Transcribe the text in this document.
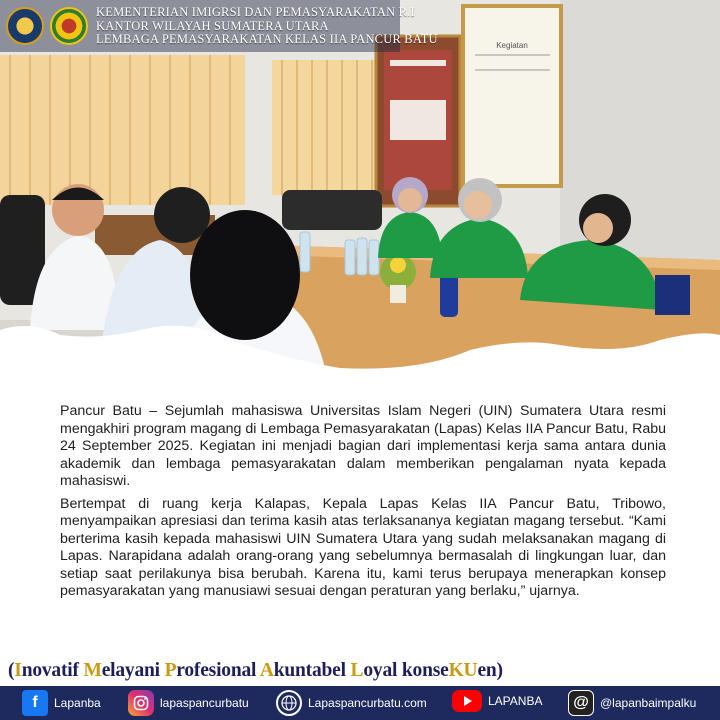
Kegiatan
KEMENTERIAN IMIGRSI DAN PEMASYARAKATAN R.I
KANTOR WILAYAH SUMATERA UTARA
LEMBAGA PEMASYARAKATAN KELAS IIA PANCUR BATU

Pancur Batu – Sejumlah mahasiswa Universitas Islam Negeri (UIN) Sumatera Utara resmi mengakhiri program magang di Lembaga Pemasyarakatan (Lapas) Kelas IIA Pancur Batu, Rabu 24 September 2025. Kegiatan ini menjadi bagian dari implementasi kerja sama antara dunia akademik dan lembaga pemasyarakatan dalam memberikan pengalaman nyata kepada mahasiswi.

Bertempat di ruang kerja Kalapas, Kepala Lapas Kelas IIA Pancur Batu, Tribowo, menyampaikan apresiasi dan terima kasih atas terlaksananya kegiatan magang tersebut. “Kami berterima kasih kepada mahasiswi UIN Sumatera Utara yang sudah melaksanakan magang di Lapas. Narapidana adalah orang-orang yang sebelumnya bermasalah di lingkungan luar, dan setiap saat perilakunya bisa berubah. Karena itu, kami terus berupaya menerapkan konsep pemasyarakatan yang manusiawi sesuai dengan peraturan yang berlaku,” ujarnya.

(Inovatif Melayani Profesional Akuntabel Loyal konseKUen)
f	Lapanba	lapaspancurbatu	Lapaspancurbatu.com	LAPANBA	@ @lapanbaimpalku
